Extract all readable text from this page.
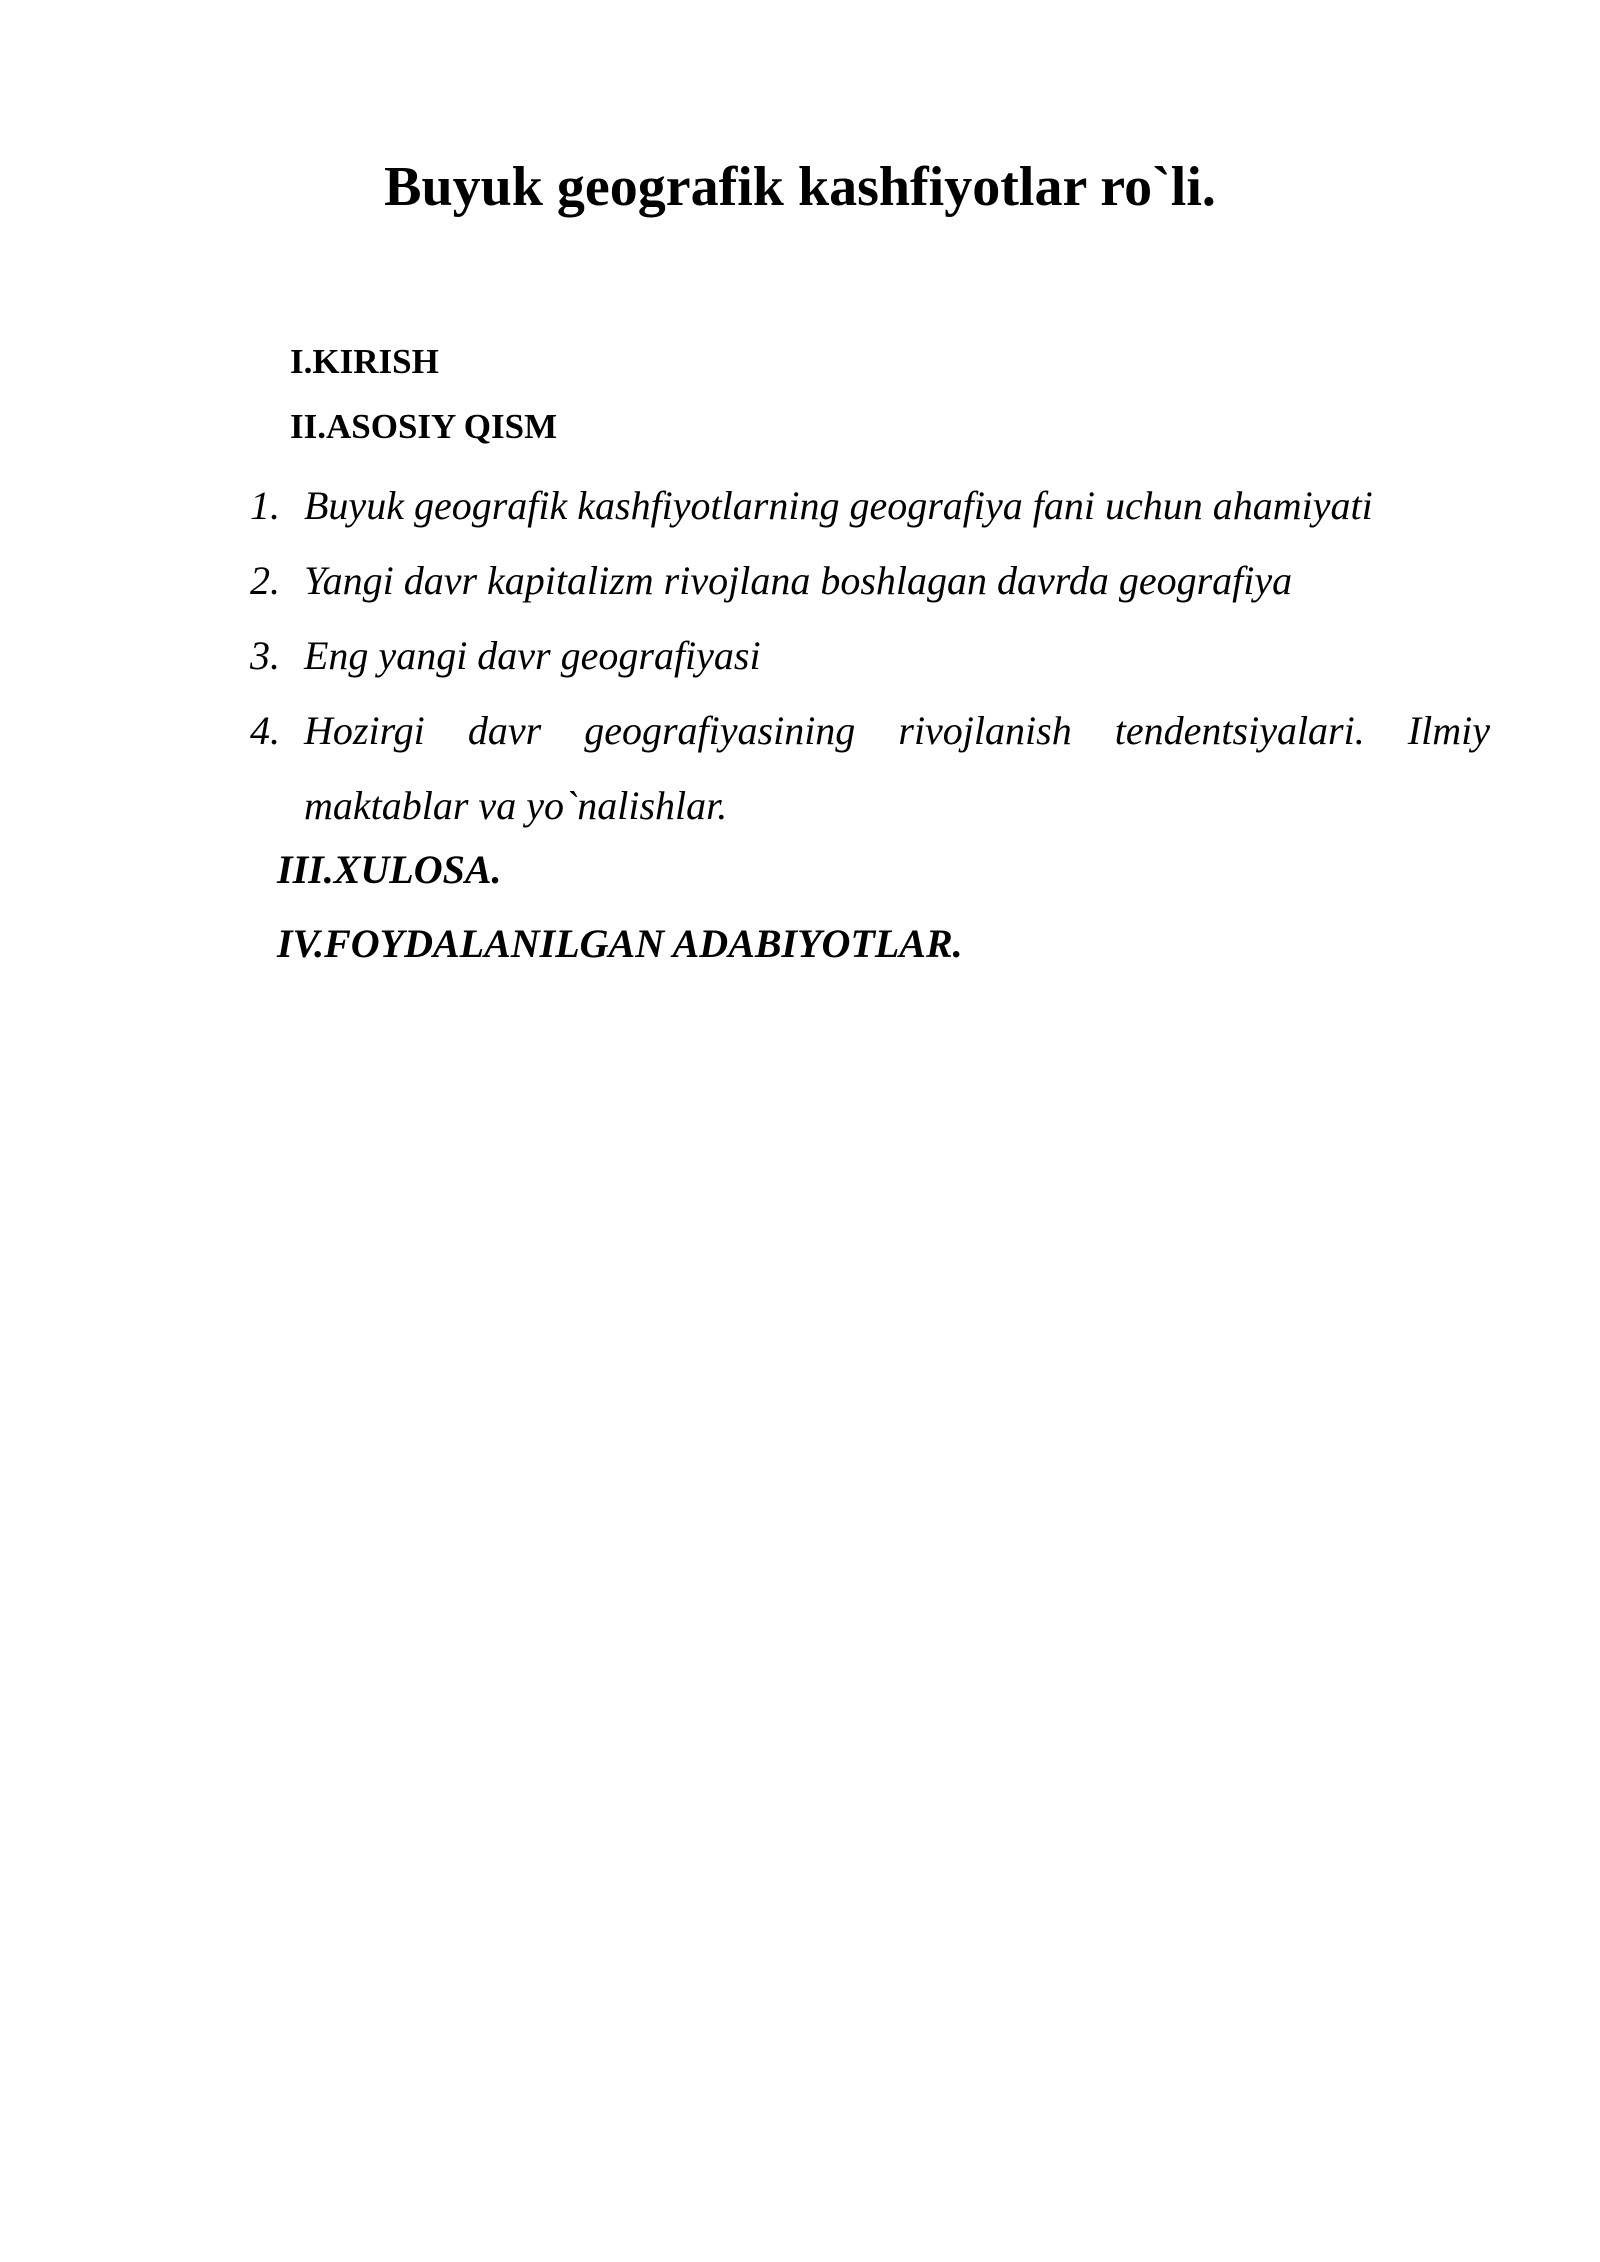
Buyuk geografik kashfiyotlar ro`li.
I.KIRISH
II.ASOSIY QISM
1. Buyuk geografik kashfiyotlarning geografiya fani uchun ahamiyati
2. Yangi davr kapitalizm rivojlana boshlagan davrda geografiya
3. Eng yangi davr geografiyasi
4. Hozirgi davr geografiyasining rivojlanish tendentsiyalari. Ilmiy maktablar va yo`nalishlar.
III.XULOSA.
IV.FOYDALANILGAN ADABIYOTLAR.
